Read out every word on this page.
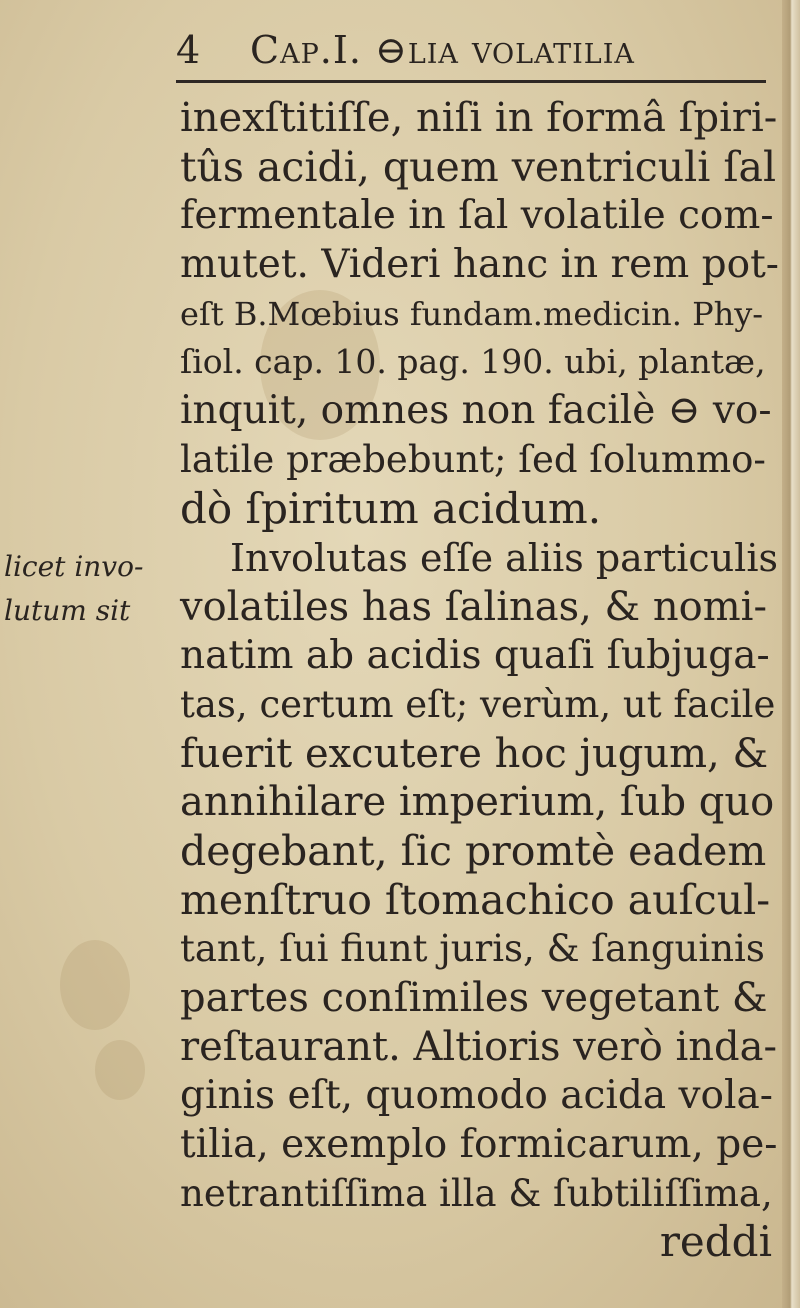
4 Cap.I. ⊖lia volatilia
licet invo-
lutum sit
inexſtitiſſe, niſi in formâ ſpiri-
tûs acidi, quem ventriculi ſal
fermentale in ſal volatile com-
mutet. Videri hanc in rem pot-
eſt B.Mœbius fundam.medicin. Phy-
ſiol. cap. 10. pag. 190. ubi, plantæ,
inquit, omnes non facilè ⊖ vo-
latile præbebunt; ſed ſolummo-
dò ſpiritum acidum.
Involutas eſſe aliis particulis
volatiles has ſalinas, & nomi-
natim ab acidis quaſi ſubjuga-
tas, certum eſt; verùm, ut facile
fuerit excutere hoc jugum, &
annihilare imperium, ſub quo
degebant, ſic promtè eadem
menſtruo ſtomachico auſcul-
tant, ſui fiunt juris, & ſanguinis
partes conſimiles vegetant &
reſtaurant. Altioris verò inda-
ginis eſt, quomodo acida vola-
tilia, exemplo formicarum, pe-
netrantiſſima illa & ſubtiliſſima,
reddi
